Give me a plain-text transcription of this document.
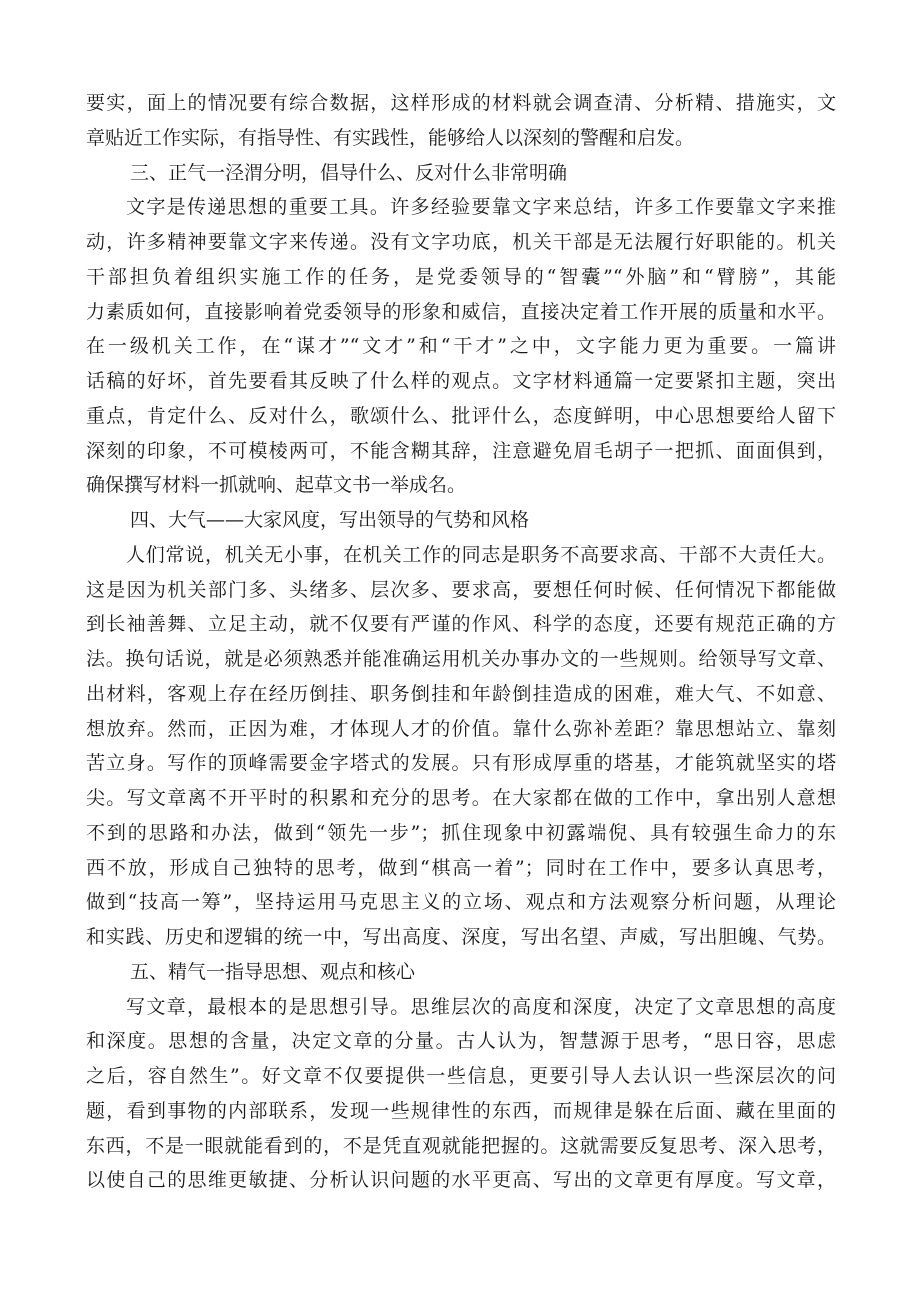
要实，面上的情况要有综合数据，这样形成的材料就会调查清、分析精、措施实，文
章贴近工作实际，有指导性、有实践性，能够给人以深刻的警醒和启发。
三、正气一泾渭分明，倡导什么、反对什么非常明确
文字是传递思想的重要工具。许多经验要靠文字来总结，许多工作要靠文字来推
动，许多精神要靠文字来传递。没有文字功底，机关干部是无法履行好职能的。机关
干部担负着组织实施工作的任务，是党委领导的“智囊”“外脑”和“臂膀”，其能
力素质如何，直接影响着党委领导的形象和威信，直接决定着工作开展的质量和水平。
在一级机关工作，在“谋才”“文才”和“干才”之中，文字能力更为重要。一篇讲
话稿的好坏，首先要看其反映了什么样的观点。文字材料通篇一定要紧扣主题，突出
重点，肯定什么、反对什么，歌颂什么、批评什么，态度鲜明，中心思想要给人留下
深刻的印象，不可模棱两可，不能含糊其辞，注意避免眉毛胡子一把抓、面面俱到，
确保撰写材料一抓就响、起草文书一举成名。
四、大气——大家风度，写出领导的气势和风格
人们常说，机关无小事，在机关工作的同志是职务不高要求高、干部不大责任大。
这是因为机关部门多、头绪多、层次多、要求高，要想任何时候、任何情况下都能做
到长袖善舞、立足主动，就不仅要有严谨的作风、科学的态度，还要有规范正确的方
法。换句话说，就是必须熟悉并能准确运用机关办事办文的一些规则。给领导写文章、
出材料，客观上存在经历倒挂、职务倒挂和年龄倒挂造成的困难，难大气、不如意、
想放弃。然而，正因为难，才体现人才的价值。靠什么弥补差距？靠思想站立、靠刻
苦立身。写作的顶峰需要金字塔式的发展。只有形成厚重的塔基，才能筑就坚实的塔
尖。写文章离不开平时的积累和充分的思考。在大家都在做的工作中，拿出别人意想
不到的思路和办法，做到“领先一步”；抓住现象中初露端倪、具有较强生命力的东
西不放，形成自己独特的思考，做到“棋高一着”；同时在工作中，要多认真思考，
做到“技高一筹”，坚持运用马克思主义的立场、观点和方法观察分析问题，从理论
和实践、历史和逻辑的统一中，写出高度、深度，写出名望、声威，写出胆魄、气势。
五、精气一指导思想、观点和核心
写文章，最根本的是思想引导。思维层次的高度和深度，决定了文章思想的高度
和深度。思想的含量，决定文章的分量。古人认为，智慧源于思考，“思日容，思虑
之后，容自然生”。好文章不仅要提供一些信息，更要引导人去认识一些深层次的问
题，看到事物的内部联系，发现一些规律性的东西，而规律是躲在后面、藏在里面的
东西，不是一眼就能看到的，不是凭直观就能把握的。这就需要反复思考、深入思考，
以使自己的思维更敏捷、分析认识问题的水平更高、写出的文章更有厚度。写文章，
